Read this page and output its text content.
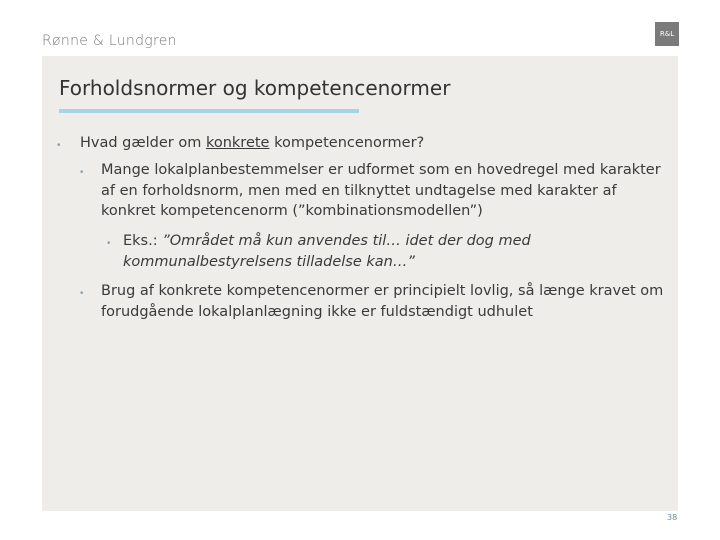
Rønne & Lundgren	R&L
Forholdsnormer og kompetencenormer
• Hvad gælder om konkrete kompetencenormer?
• Mange lokalplanbestemmelser er udformet som en hovedregel med karakter
af en forholdsnorm, men med en tilknyttet undtagelse med karakter af
konkret kompetencenorm (”kombinationsmodellen”)
• Eks.: ”Området må kun anvendes til… idet der dog med
kommunalbestyrelsens tilladelse kan…”
• Brug af konkrete kompetencenormer er principielt lovlig, så længe kravet om
forudgående lokalplanlægning ikke er fuldstændigt udhulet
38
